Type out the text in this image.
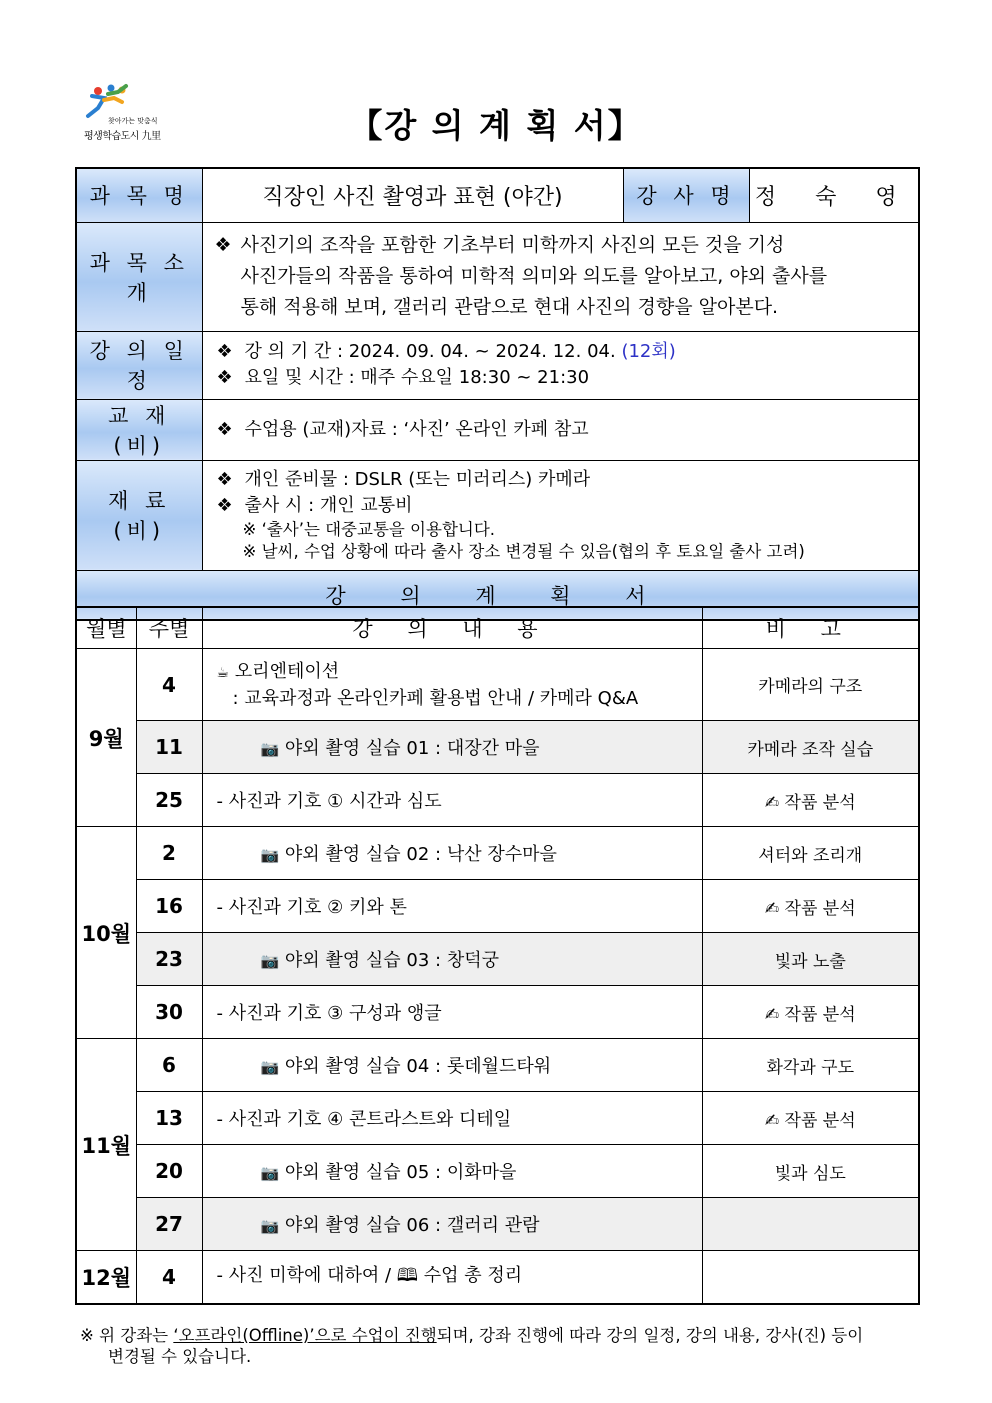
찾아가는 맞춤식
평생학습도시 九里	【강 의 계 획 서】
과 목 명	직장인 사진 촬영과 표현 (야간)	강 사 명	정 숙 영
과 목 소 개	❖ 사진기의 조작을 포함한 기초부터 미학까지 사진의 모든 것을 기성
사진가들의 작품을 통하여 미학적 의미와 의도를 알아보고, 야외 출사를
통해 적용해 보며, 갤러리 관람으로 현대 사진의 경향을 알아본다.		

강 의 일 정	❖ 강 의 기 간 : 2024. 09. 04. ~ 2024. 12. 04. (12회)
❖ 요일 및 시간 : 매주 수요일 18:30 ~ 21:30		

교 재 (비)	❖ 수업용 (교재)자료 : ‘사진’ 온라인 카페 참고		

재 료 (비)	❖ 개인 준비물 : DSLR (또는 미러리스) 카메라
❖ 출사 시 : 개인 교통비
※ ‘출사’는 대중교통을 이용합니다.
※ 날씨, 수업 상황에 따라 출사 장소 변경될 수 있음(협의 후 토요일 출사 고려)		

강 의 계 획 서			
월별	주별	강 의 내 용	비 고
9월	4	☕ 오리엔테이션
: 교육과정과 온라인카페 활용법 안내 / 카메라 Q&A	카메라의 구조
	11	📷 야외 촬영 실습 01 : 대장간 마을	카메라 조작 실습
	25	- 사진과 기호 ① 시간과 심도	✍ 작품 분석
10월	2	📷 야외 촬영 실습 02 : 낙산 장수마을	셔터와 조리개
	16	- 사진과 기호 ② 키와 톤	✍ 작품 분석
	23	📷 야외 촬영 실습 03 : 창덕궁	빛과 노출
	30	- 사진과 기호 ③ 구성과 앵글	✍ 작품 분석
11월	6	📷 야외 촬영 실습 04 : 롯데월드타워	화각과 구도
	13	- 사진과 기호 ④ 콘트라스트와 디테일	✍ 작품 분석
	20	📷 야외 촬영 실습 05 : 이화마을	빛과 심도
	27	📷 야외 촬영 실습 06 : 갤러리 관람	
12월	4	- 사진 미학에 대하여 / 🕮 수업 총 정리	
※ 위 강좌는 ‘오프라인(Offline)’으로 수업이 진행되며, 강좌 진행에 따라 강의 일정, 강의 내용, 강사(진) 등이
변경될 수 있습니다.
